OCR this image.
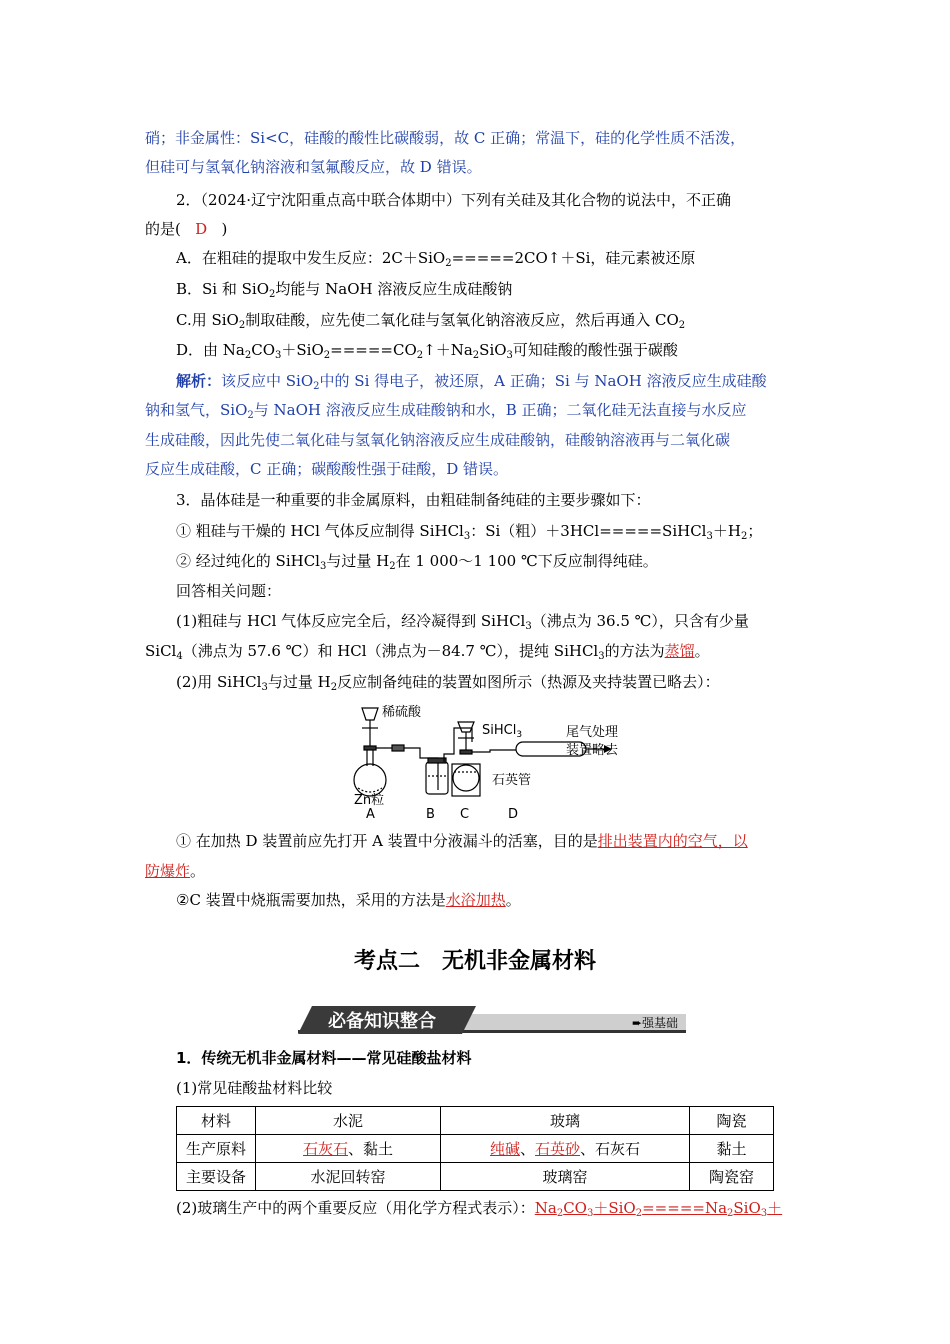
硝；非金属性：Si<C，硅酸的酸性比碳酸弱，故 C 正确；常温下，硅的化学性质不活泼，
但硅可与氢氧化钠溶液和氢氟酸反应，故 D 错误。
2．（2024·辽宁沈阳重点高中联合体期中）下列有关硅及其化合物的说法中，不正确
的是( D )
A．在粗硅的提取中发生反应：2C＋SiO$_2$=====2CO↑＋Si，硅元素被还原
B．Si 和 SiO$_2$均能与 NaOH 溶液反应生成硅酸钠
C.用 SiO$_2$制取硅酸，应先使二氧化硅与氢氧化钠溶液反应，然后再通入 $CO_2$
D．由 $Na_2CO_3+SiO_2=====CO_2↑+Na_2SiO_3$可知硅酸的酸性强于碳酸
解析：该反应中 SiO$_2$中的 Si 得电子，被还原，A 正确；Si 与 NaOH 溶液反应生成硅酸
钠和氢气，SiO$_2$与 NaOH 溶液反应生成硅酸钠和水，B 正确；二氧化硅无法直接与水反应
生成硅酸，因此先使二氧化硅与氢氧化钠溶液反应生成硅酸钠，硅酸钠溶液再与二氧化碳
反应生成硅酸，C 正确；碳酸酸性强于硅酸，D 错误。
3．晶体硅是一种重要的非金属原料，由粗硅制备纯硅的主要步骤如下：
① 粗硅与干燥的 HCl 气体反应制得 SiHCl$_3$：Si（粗）$+3HCl=====SiHCl_3+H_2$；
② 经过纯化的 SiHCl$_3$与过量 $H_2$在 1 000～1 100 ℃下反应制得纯硅。
回答相关问题：
(1)粗硅与 HCl 气体反应完全后，经冷凝得到 SiHCl$_3$（沸点为 36.5 ℃），只含有少量
SiCl$_4$（沸点为 57.6 ℃）和 HCl（沸点为－84.7 ℃），提纯 SiHCl$_3$的方法为蒸馏。
(2)用 SiHCl$_3$与过量 $H_2$反应制备纯硅的装置如图所示（热源及夹持装置已略去）：
稀硫酸
SiHCl$_3$	尾气处理
装置略去
石英管
Zn粒
A	B C	D
① 在加热 D 装置前应先打开 A 装置中分液漏斗的活塞，目的是排出装置内的空气，以
防爆炸。
②C 装置中烧瓶需要加热，采用的方法是水浴加热。
考点二　无机非金属材料
必备知识整合	➨强基础
1．传统无机非金属材料——常见硅酸盐材料
(1)常见硅酸盐材料比较
材料	水泥	玻璃	陶瓷
生产原料	石灰石、黏土	纯碱、石英砂、石灰石	黏土
主要设备	水泥回转窑	玻璃窑	陶瓷窑
(2)玻璃生产中的两个重要反应（用化学方程式表示）：$Na_2CO_3+SiO_2=====Na_2SiO_3+$
